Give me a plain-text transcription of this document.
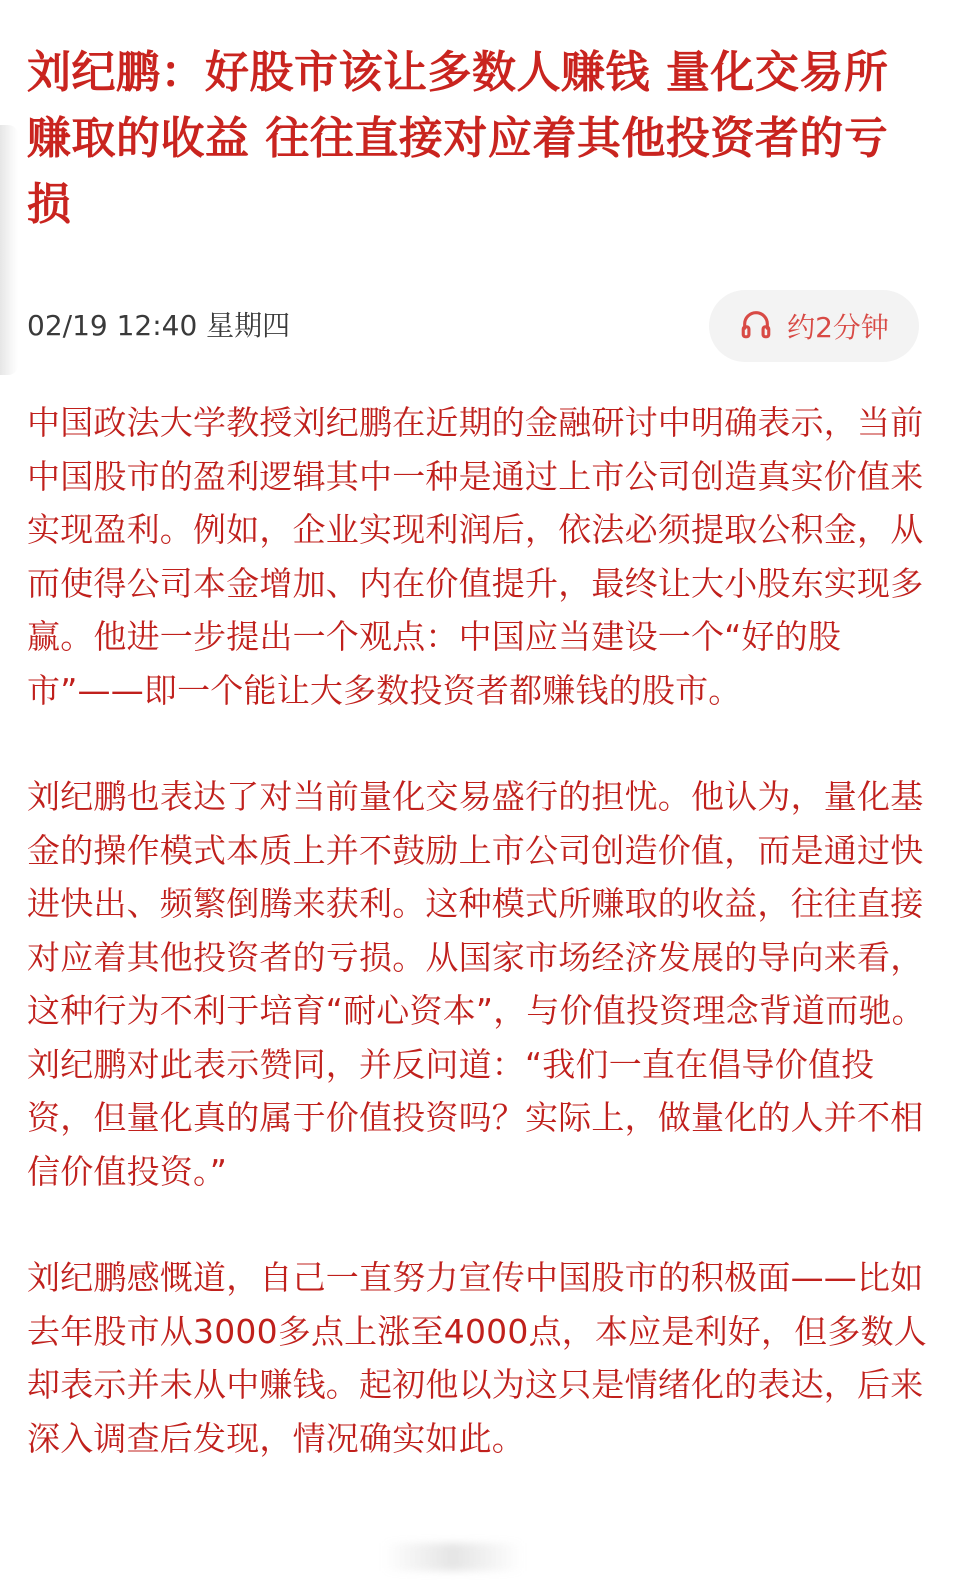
刘纪鹏：好股市该让多数人赚钱 量化交易所赚取的收益 往往直接对应着其他投资者的亏损
02/19 12:40 星期四	约2分钟

中国政法大学教授刘纪鹏在近期的金融研讨中明确表示，当前中国股市的盈利逻辑其中一种是通过上市公司创造真实价值来实现盈利。例如，企业实现利润后，依法必须提取公积金，从而使得公司本金增加、内在价值提升，最终让大小股东实现多赢。他进一步提出一个观点：中国应当建设一个“好的股市”——即一个能让大多数投资者都赚钱的股市。

刘纪鹏也表达了对当前量化交易盛行的担忧。他认为，量化基金的操作模式本质上并不鼓励上市公司创造价值，而是通过快进快出、频繁倒腾来获利。这种模式所赚取的收益，往往直接对应着其他投资者的亏损。从国家市场经济发展的导向来看，这种行为不利于培育“耐心资本”，与价值投资理念背道而驰。刘纪鹏对此表示赞同，并反问道：“我们一直在倡导价值投资，但量化真的属于价值投资吗？实际上，做量化的人并不相信价值投资。”

刘纪鹏感慨道，自己一直努力宣传中国股市的积极面——比如去年股市从3000多点上涨至4000点，本应是利好，但多数人却表示并未从中赚钱。起初他以为这只是情绪化的表达，后来深入调查后发现，情况确实如此。
